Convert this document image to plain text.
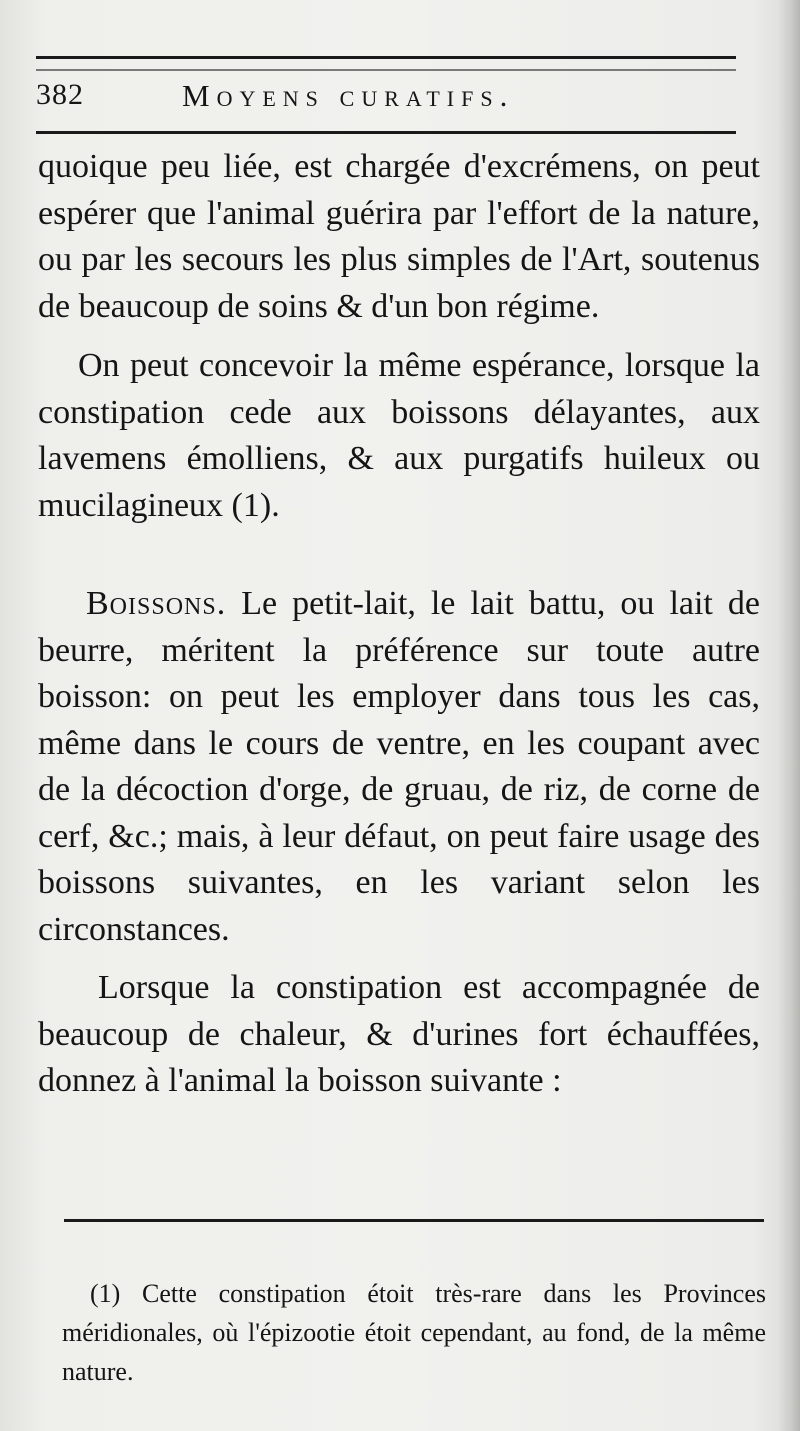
382	Moyens curatifs.

quoique peu liée, est chargée d'excrémens, on peut espérer que l'animal guérira par l'effort de la nature, ou par les secours les plus simples de l'Art, soutenus de beaucoup de soins & d'un bon régime.

On peut concevoir la même espérance, lorsque la constipation cede aux boissons délayantes, aux lavemens émolliens, & aux purgatifs huileux ou mucilagineux (1).

Boissons. Le petit-lait, le lait battu, ou lait de beurre, méritent la préférence sur toute autre boisson: on peut les employer dans tous les cas, même dans le cours de ventre, en les coupant avec de la décoction d'orge, de gruau, de riz, de corne de cerf, &c.; mais, à leur défaut, on peut faire usage des boissons suivantes, en les variant selon les circonstances.

Lorsque la constipation est accompagnée de beaucoup de chaleur, & d'urines fort échauffées, donnez à l'animal la boisson suivante :

(1) Cette constipation étoit très-rare dans les Provinces méridionales, où l'épizootie étoit cependant, au fond, de la même nature.
